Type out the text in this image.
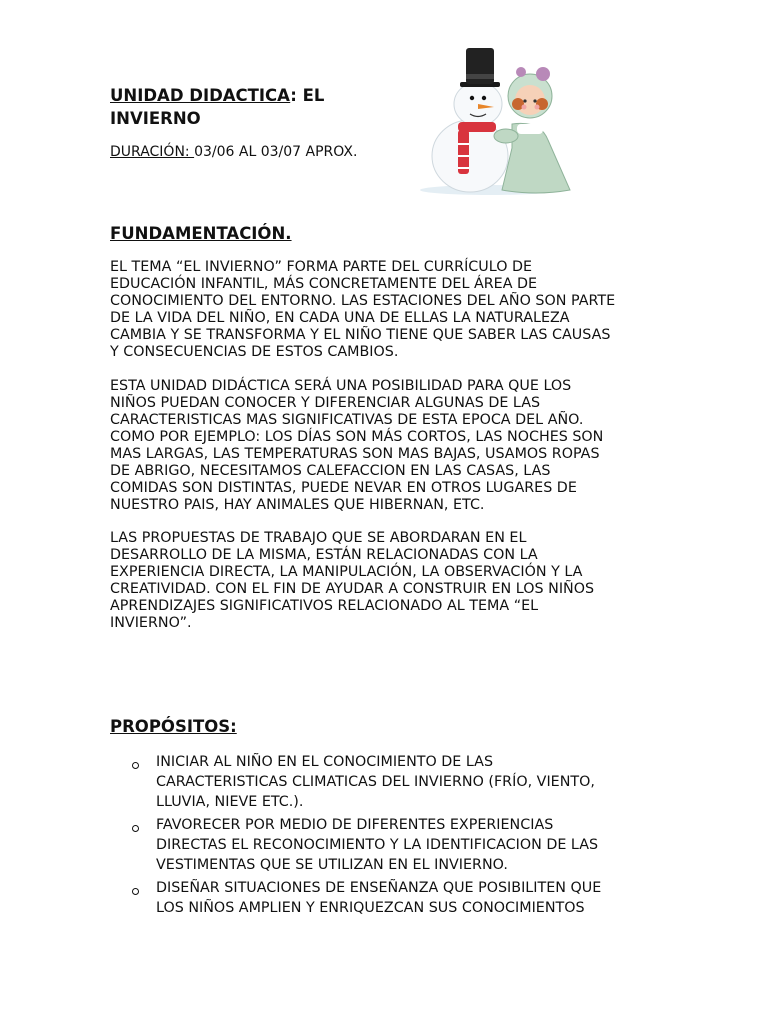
UNIDAD DIDACTICA: EL INVIERNO

DURACIÓN: 03/06 AL 03/07 APROX.

FUNDAMENTACIÓN.

EL TEMA “EL INVIERNO” FORMA PARTE DEL CURRÍCULO DE
EDUCACIÓN INFANTIL, MÁS CONCRETAMENTE DEL ÁREA DE
CONOCIMIENTO DEL ENTORNO. LAS ESTACIONES DEL AÑO SON PARTE
DE LA VIDA DEL NIÑO, EN CADA UNA DE ELLAS LA NATURALEZA
CAMBIA Y SE TRANSFORMA Y EL NIÑO TIENE QUE SABER LAS CAUSAS
Y CONSECUENCIAS DE ESTOS CAMBIOS.

ESTA UNIDAD DIDÁCTICA SERÁ UNA POSIBILIDAD PARA QUE LOS
NIÑOS PUEDAN CONOCER Y DIFERENCIAR ALGUNAS DE LAS
CARACTERISTICAS MAS SIGNIFICATIVAS DE ESTA EPOCA DEL AÑO.
COMO POR EJEMPLO: LOS DÍAS SON MÁS CORTOS, LAS NOCHES SON
MAS LARGAS, LAS TEMPERATURAS SON MAS BAJAS, USAMOS ROPAS
DE ABRIGO, NECESITAMOS CALEFACCION EN LAS CASAS, LAS
COMIDAS SON DISTINTAS, PUEDE NEVAR EN OTROS LUGARES DE
NUESTRO PAIS, HAY ANIMALES QUE HIBERNAN, ETC.

LAS PROPUESTAS DE TRABAJO QUE SE ABORDARAN EN EL
DESARROLLO DE LA MISMA, ESTÁN RELACIONADAS CON LA
EXPERIENCIA DIRECTA, LA MANIPULACIÓN, LA OBSERVACIÓN Y LA
CREATIVIDAD. CON EL FIN DE AYUDAR A CONSTRUIR EN LOS NIÑOS
APRENDIZAJES SIGNIFICATIVOS RELACIONADO AL TEMA “EL
INVIERNO”.

PROPÓSITOS:
INICIAR AL NIÑO EN EL CONOCIMIENTO DE LAS
CARACTERISTICAS CLIMATICAS DEL INVIERNO (FRÍO, VIENTO,
LLUVIA, NIEVE ETC.).
FAVORECER POR MEDIO DE DIFERENTES EXPERIENCIAS
DIRECTAS EL RECONOCIMIENTO Y LA IDENTIFICACION DE LAS
VESTIMENTAS QUE SE UTILIZAN EN EL INVIERNO.
DISEÑAR SITUACIONES DE ENSEÑANZA QUE POSIBILITEN QUE
LOS NIÑOS AMPLIEN Y ENRIQUEZCAN SUS CONOCIMIENTOS
